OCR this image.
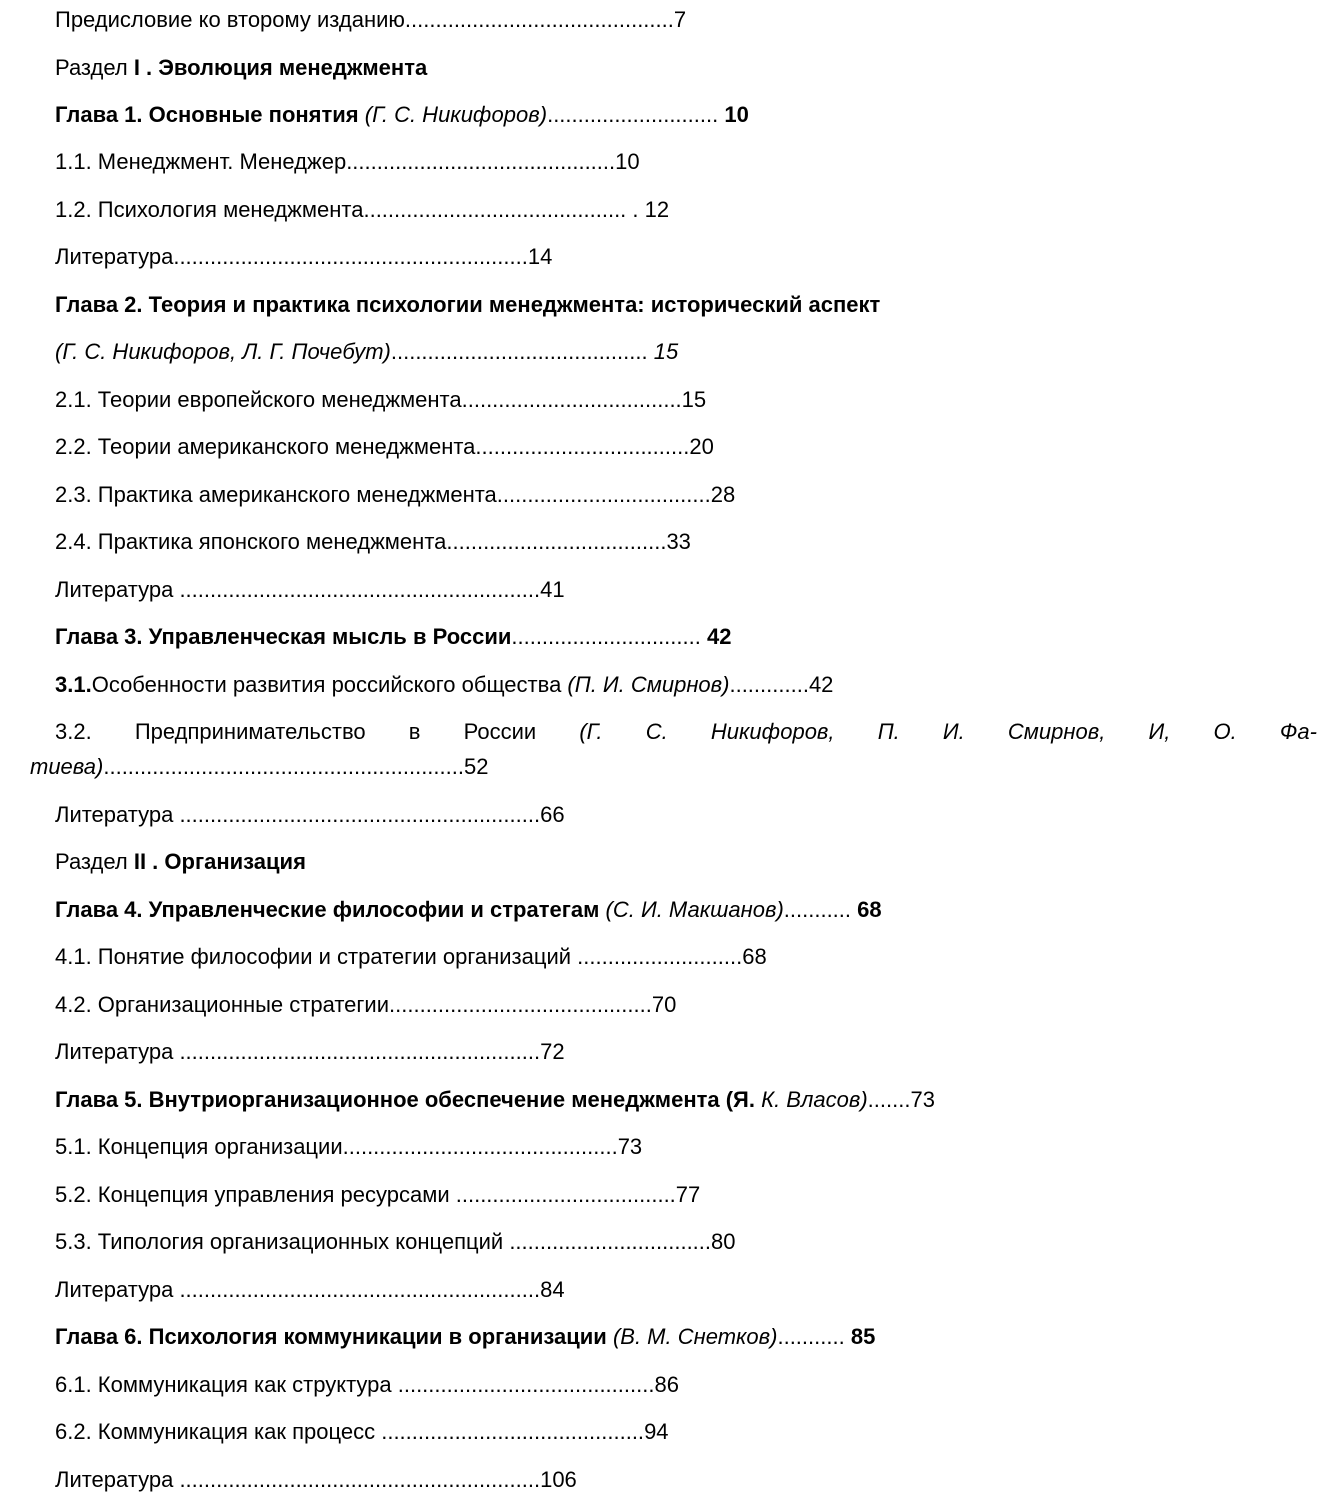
Предисловие ко второму изданию............................................7
Раздел I . Эволюция менеджмента
Глава 1. Основные понятия (Г. С. Никифоров)............................ 10
1.1. Менеджмент. Менеджер............................................10
1.2. Психология менеджмента........................................... . 12
Литература..........................................................14
Глава 2. Теория и практика психологии менеджмента: исторический аспект
(Г. С. Никифоров, Л. Г. Почебут).......................................... 15
2.1. Теории европейского менеджмента....................................15
2.2. Теории американского менеджмента...................................20
2.3. Практика американского менеджмента...................................28
2.4. Практика японского менеджмента....................................33
Литература ...........................................................41
Глава 3. Управленческая мысль в России............................... 42
3.1.Особенности развития российского общества (П. И. Смирнов).............42
3.2. Предпринимательство в России (Г. С. Никифоров, П. И. Смирнов, И, О. Фа-
тиева)...........................................................52
Литература ...........................................................66
Раздел II . Организация
Глава 4. Управленческие философии и стратегам (С. И. Макшанов)........... 68
4.1. Понятие философии и стратегии организаций ...........................68
4.2. Организационные стратегии...........................................70
Литература ...........................................................72
Глава 5. Внутриорганизационное обеспечение менеджмента (Я. К. Власов).......73
5.1. Концепция организации.............................................73
5.2. Концепция управления ресурсами ....................................77
5.3. Типология организационных концепций .................................80
Литература ...........................................................84
Глава 6. Психология коммуникации в организации (В. М. Снетков)........... 85
6.1. Коммуникация как структура ..........................................86
6.2. Коммуникация как процесс ...........................................94
Литература ...........................................................106
